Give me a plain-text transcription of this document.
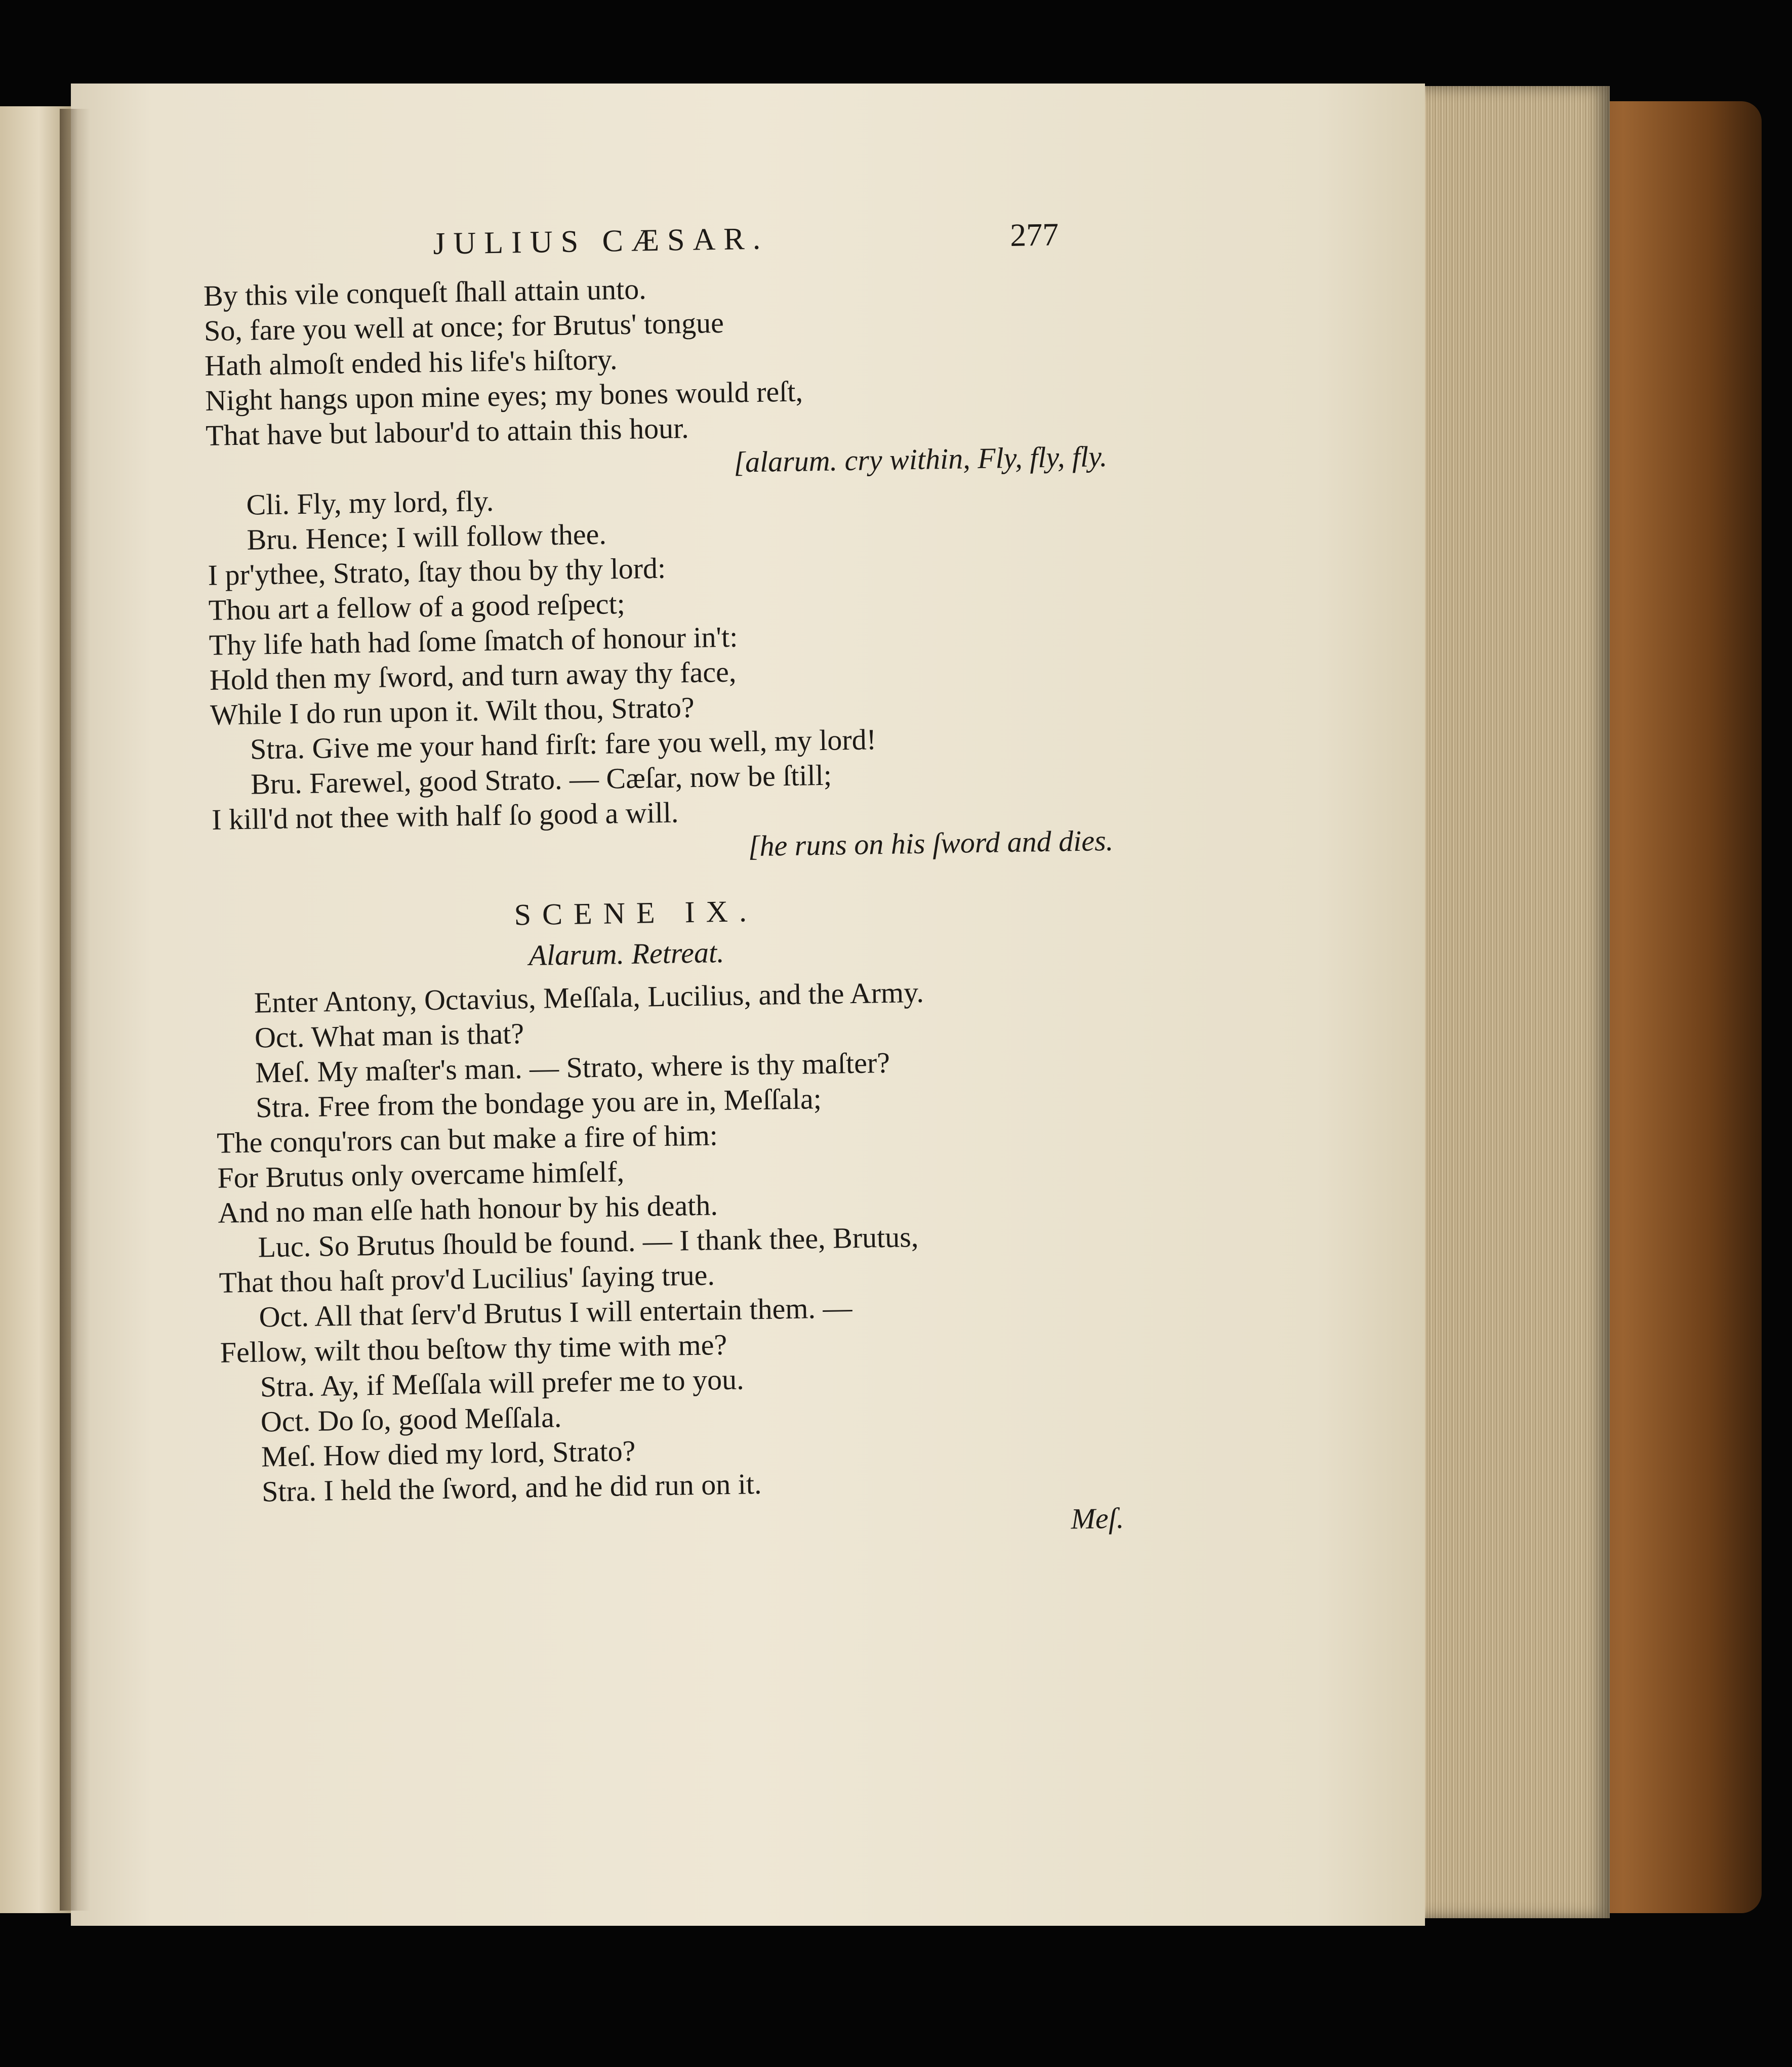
JULIUS CÆSAR.	277
By this vile conqueſt ſhall attain unto.
So, fare you well at once; for Brutus' tongue
Hath almoſt ended his life's hiſtory.
Night hangs upon mine eyes; my bones would reſt,
That have but labour'd to attain this hour.
[alarum. cry within, Fly, fly, fly.
Cli. Fly, my lord, fly.
Bru. Hence; I will follow thee.
I pr'ythee, Strato, ſtay thou by thy lord:
Thou art a fellow of a good reſpect;
Thy life hath had ſome ſmatch of honour in't:
Hold then my ſword, and turn away thy face,
While I do run upon it. Wilt thou, Strato?
Stra. Give me your hand firſt: fare you well, my lord!
Bru. Farewel, good Strato. — Cæſar, now be ſtill;
I kill'd not thee with half ſo good a will.
[he runs on his ſword and dies.
SCENE IX.
Alarum. Retreat.
Enter Antony, Octavius, Meſſala, Lucilius, and the Army.
Oct. What man is that?
Meſ. My maſter's man. — Strato, where is thy maſter?
Stra. Free from the bondage you are in, Meſſala;
The conqu'rors can but make a fire of him:
For Brutus only overcame himſelf,
And no man elſe hath honour by his death.
Luc. So Brutus ſhould be found. — I thank thee, Brutus,
That thou haſt prov'd Lucilius' ſaying true.
Oct. All that ſerv'd Brutus I will entertain them. —
Fellow, wilt thou beſtow thy time with me?
Stra. Ay, if Meſſala will prefer me to you.
Oct. Do ſo, good Meſſala.
Meſ. How died my lord, Strato?
Stra. I held the ſword, and he did run on it.
Meſ.
